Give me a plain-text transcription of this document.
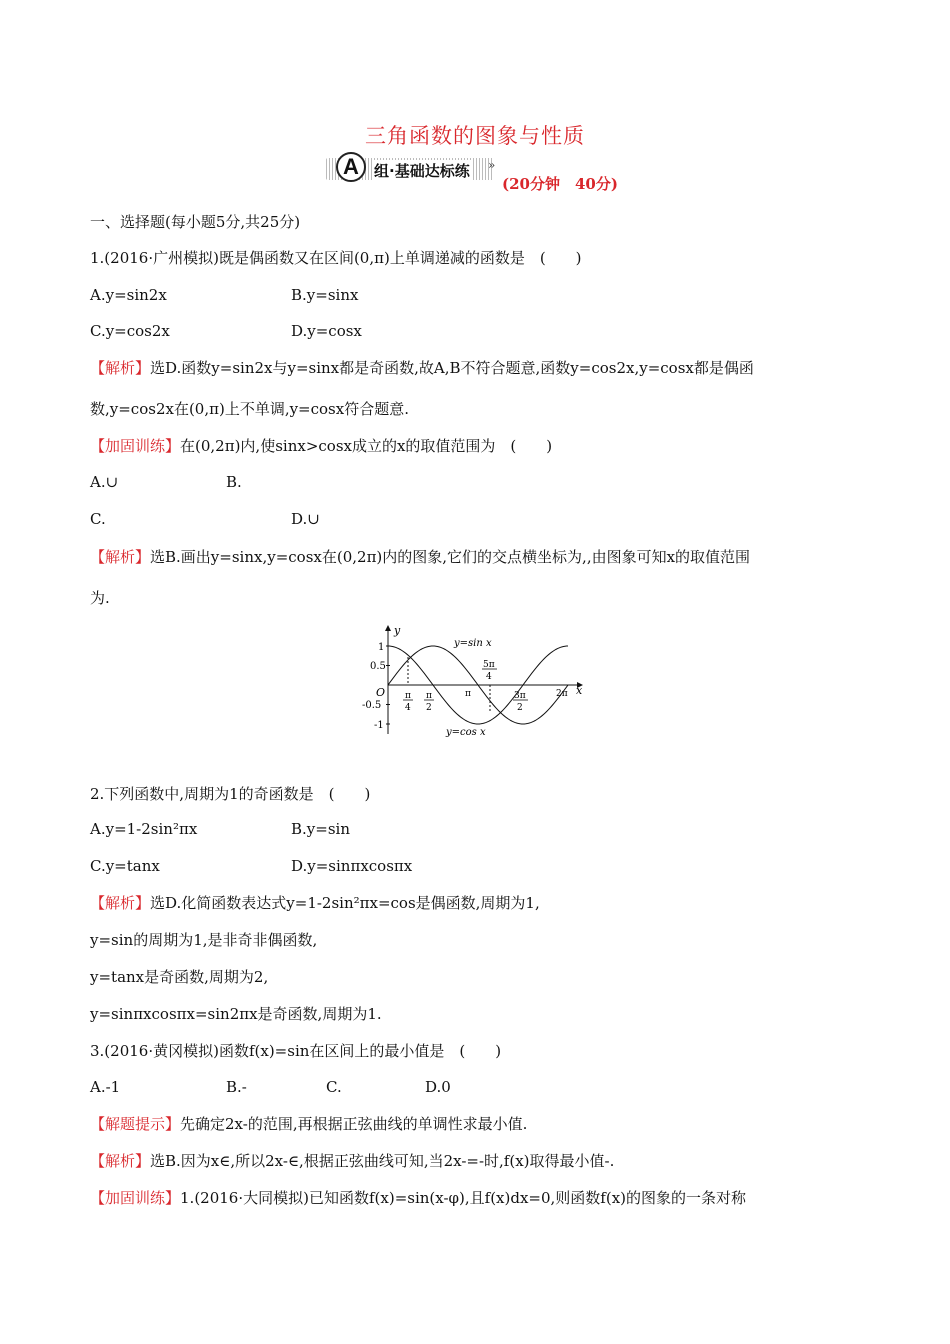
三角函数的图象与性质
A	组·基础达标练 »
(20分钟　40分)
一、选择题(每小题5分,共25分)
1.(2016·广州模拟)既是偶函数又在区间(0,π)上单调递减的函数是　(　　)
A.y=sin2x	B.y=sinx
C.y=cos2x	D.y=cosx
【解析】选D.函数y=sin2x与y=sinx都是奇函数,故A,B不符合题意,函数y=cos2x,y=cosx都是偶函
数,y=cos2x在(0,π)上不单调,y=cosx符合题意.
【加固训练】在(0,2π)内,使sinx>cosx成立的x的取值范围为　(　　)
A.∪	B.
C.	D.∪
【解析】选B.画出y=sinx,y=cosx在(0,2π)内的图象,它们的交点横坐标为,,由图象可知x的取值范围
为.
y
x
O
1
0.5
-0.5
-1
π
4
π
2
π
5π
4
3π
2
2π
y=sin x
y=cos x
2.下列函数中,周期为1的奇函数是　(　　)
A.y=1-2sin²πx	B.y=sin
C.y=tanx	D.y=sinπxcosπx
【解析】选D.化简函数表达式y=1-2sin²πx=cos是偶函数,周期为1,
y=sin的周期为1,是非奇非偶函数,
y=tanx是奇函数,周期为2,
y=sinπxcosπx=sin2πx是奇函数,周期为1.
3.(2016·黄冈模拟)函数f(x)=sin在区间上的最小值是　(　　)
A.-1	B.-	C.	D.0
【解题提示】先确定2x-的范围,再根据正弦曲线的单调性求最小值.
【解析】选B.因为x∈,所以2x-∈,根据正弦曲线可知,当2x-=-时,f(x)取得最小值-.
【加固训练】1.(2016·大同模拟)已知函数f(x)=sin(x-φ),且f(x)dx=0,则函数f(x)的图象的一条对称
